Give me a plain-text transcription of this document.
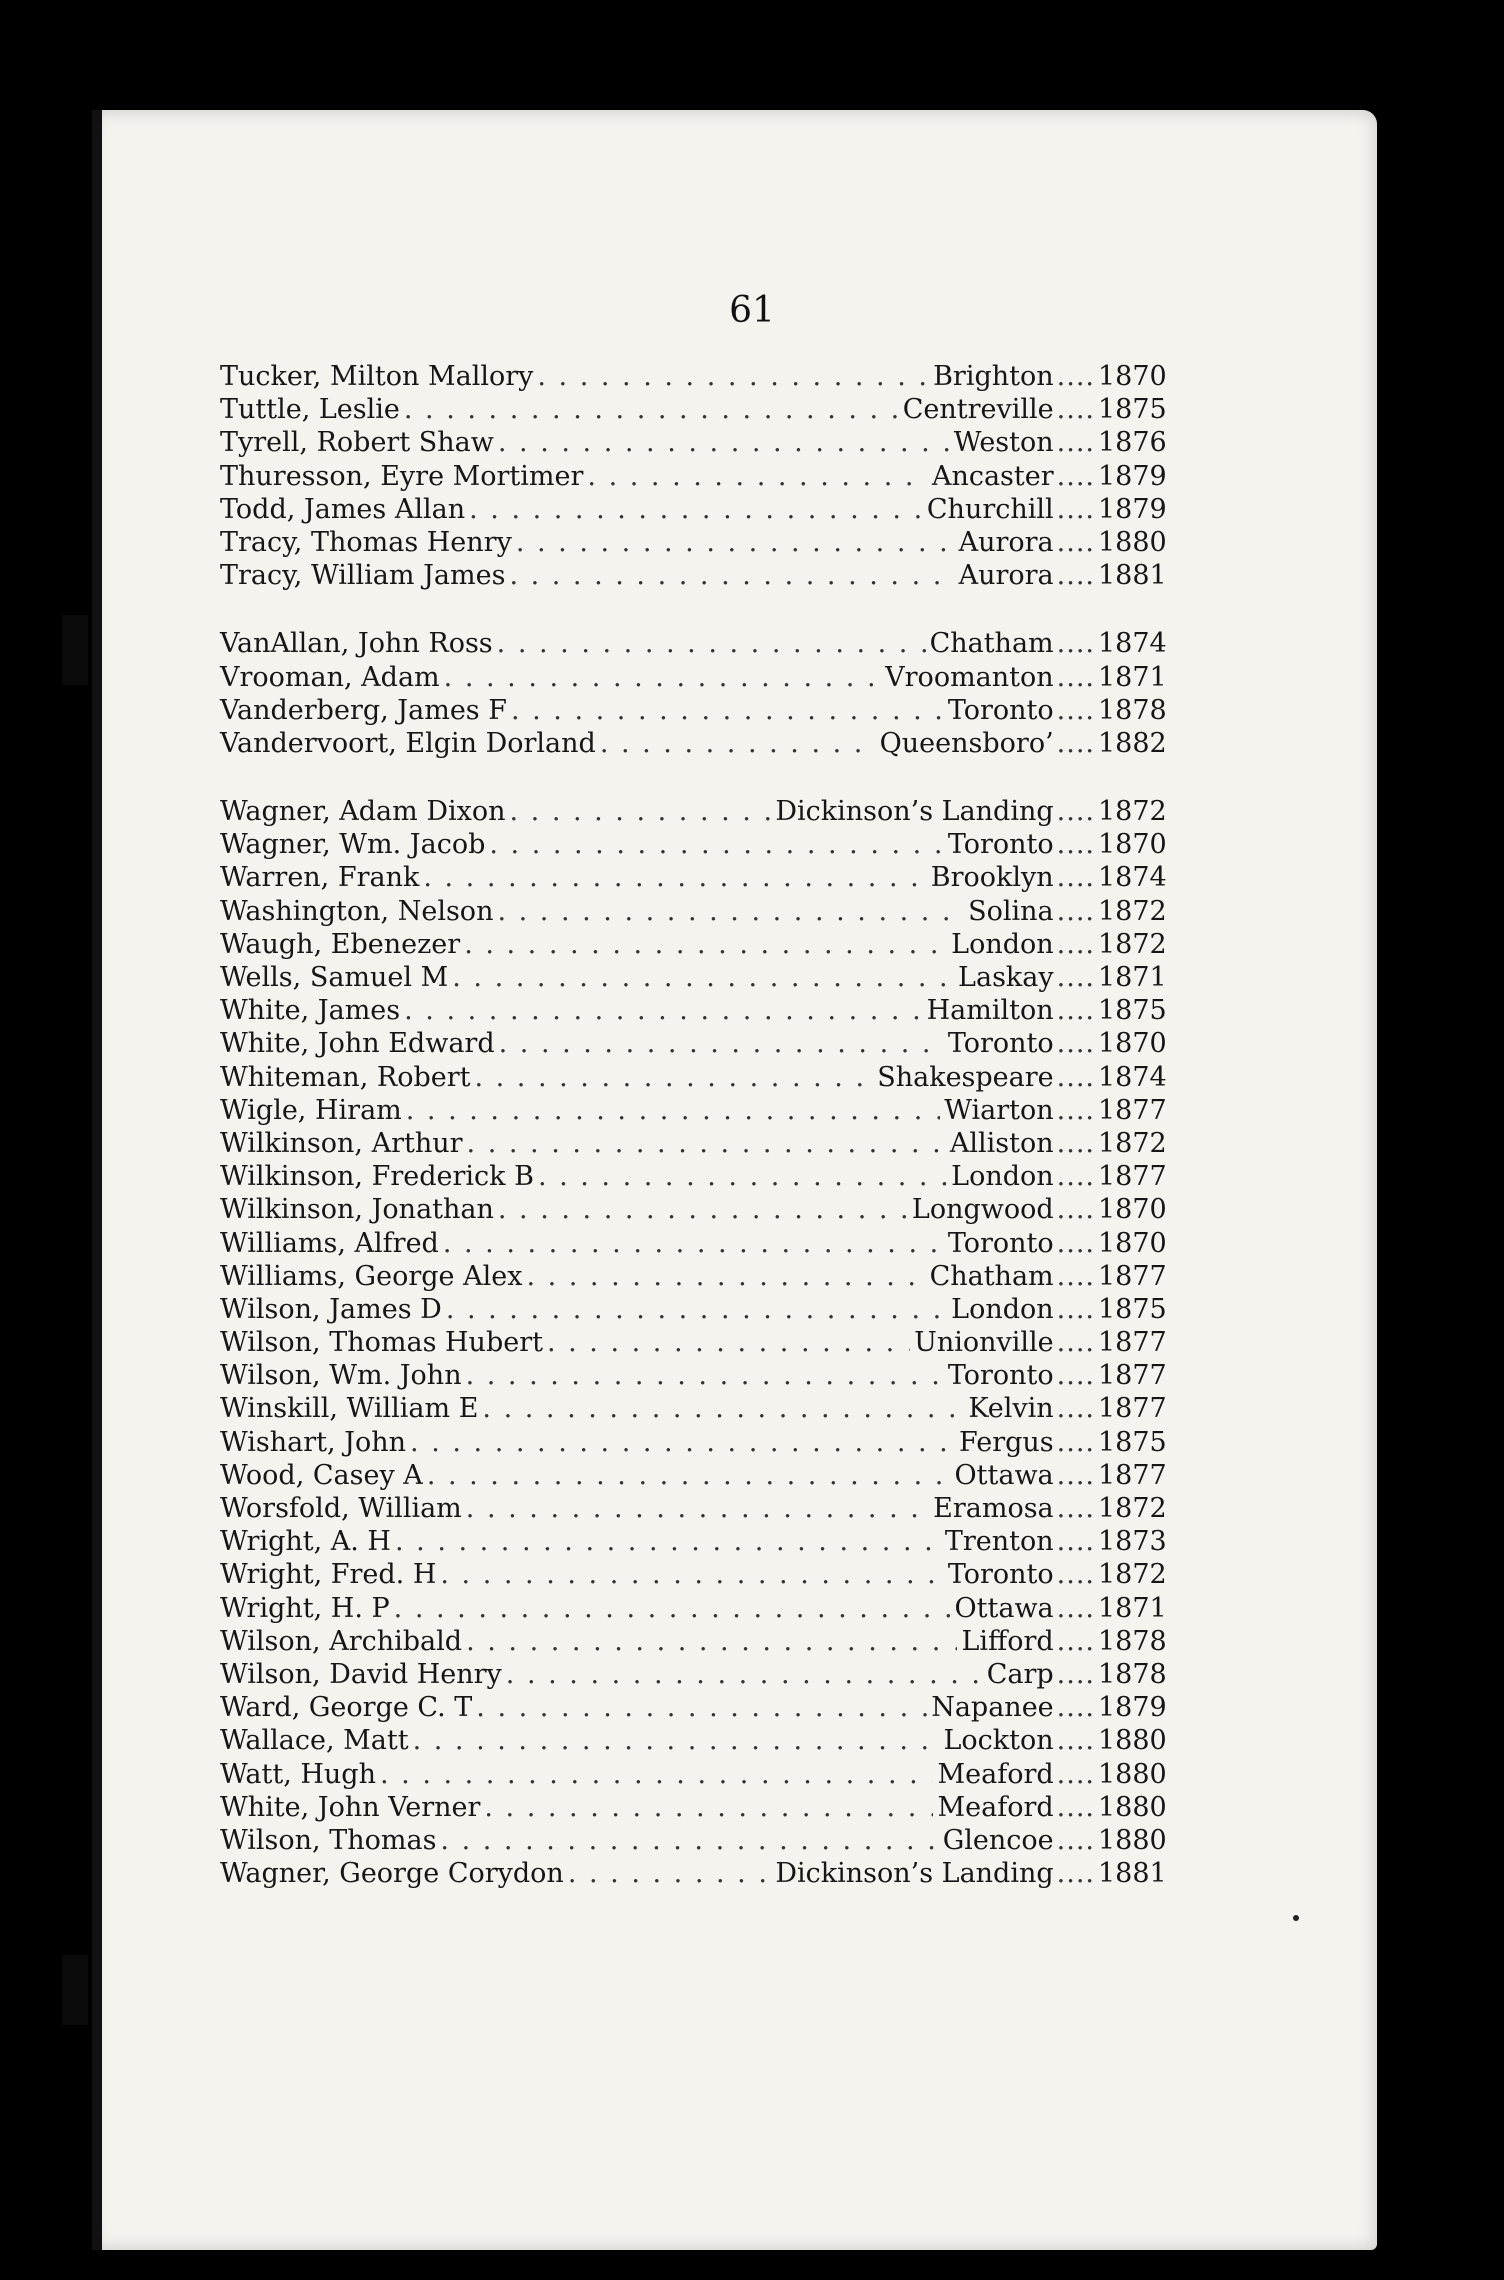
61
Tucker, Milton Mallory . . .	Brighton .... 1870
Tuttle, Leslie . . .	Centreville .... 1875
Tyrell, Robert Shaw . . .	Weston .... 1876
Thuresson, Eyre Mortimer . . .	Ancaster .... 1879
Todd, James Allan . . .	Churchill .... 1879
Tracy, Thomas Henry . . .	Aurora .... 1880
Tracy, William James . . .	Aurora .... 1881
VanAllan, John Ross . . .	Chatham .... 1874
Vrooman, Adam . . .	Vroomanton .... 1871
Vanderberg, James F . . .	Toronto .... 1878
Vandervoort, Elgin Dorland . . .	Queensboro’ .... 1882
Wagner, Adam Dixon . . .	Dickinson’s Landing .... 1872
Wagner, Wm. Jacob . . .	Toronto .... 1870
Warren, Frank . . .	Brooklyn .... 1874
Washington, Nelson . . .	Solina .... 1872
Waugh, Ebenezer . . .	London .... 1872
Wells, Samuel M . . .	Laskay .... 1871
White, James . . .	Hamilton .... 1875
White, John Edward . . .	Toronto .... 1870
Whiteman, Robert . . .	Shakespeare .... 1874
Wigle, Hiram . . .	Wiarton .... 1877
Wilkinson, Arthur . . .	Alliston .... 1872
Wilkinson, Frederick B . . .	London .... 1877
Wilkinson, Jonathan . . .	Longwood .... 1870
Williams, Alfred . . .	Toronto .... 1870
Williams, George Alex . . .	Chatham .... 1877
Wilson, James D . . .	London .... 1875
Wilson, Thomas Hubert . . .	Unionville .... 1877
Wilson, Wm. John . . .	Toronto .... 1877
Winskill, William E . . .	Kelvin .... 1877
Wishart, John . . .	Fergus .... 1875
Wood, Casey A . . .	Ottawa .... 1877
Worsfold, William . . .	Eramosa .... 1872
Wright, A. H . . .	Trenton .... 1873
Wright, Fred. H . . .	Toronto .... 1872
Wright, H. P . . .	Ottawa .... 1871
Wilson, Archibald . . .	Lifford .... 1878
Wilson, David Henry . . .	Carp .... 1878
Ward, George C. T . . .	Napanee .... 1879
Wallace, Matt . . .	Lockton .... 1880
Watt, Hugh . . .	Meaford .... 1880
White, John Verner . . .	Meaford .... 1880
Wilson, Thomas . . .	Glencoe .... 1880
Wagner, George Corydon . . .	Dickinson’s Landing .... 1881
